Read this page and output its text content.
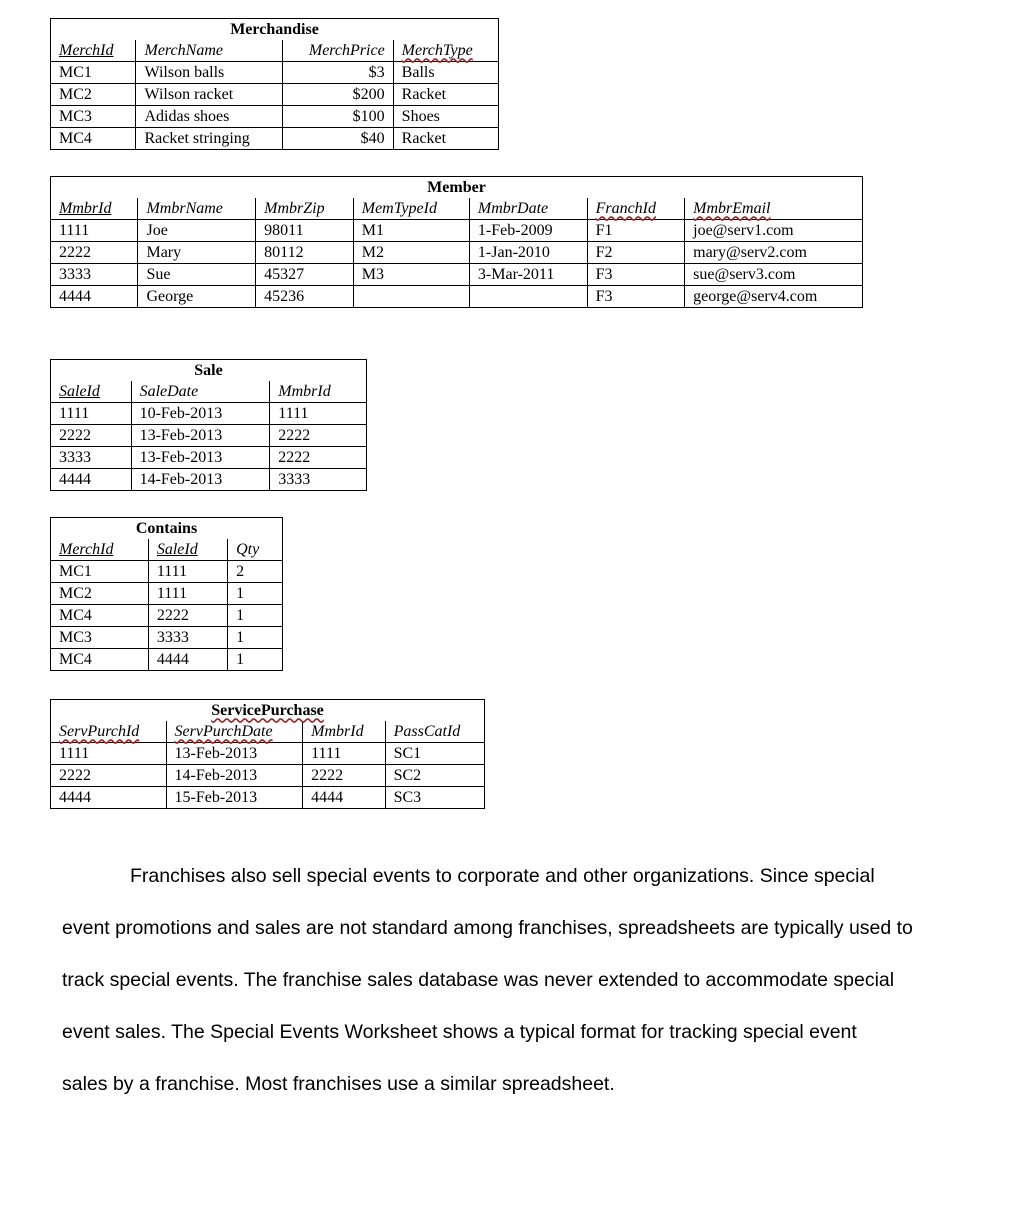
Merchandise			
MerchId	MerchName	MerchPrice	MerchType
MC1	Wilson balls	$3	Balls
MC2	Wilson racket	$200	Racket
MC3	Adidas shoes	$100	Shoes
MC4	Racket stringing	$40	Racket
Member						
MmbrId	MmbrName	MmbrZip	MemTypeId	MmbrDate	FranchId	MmbrEmail
1111	Joe	98011	M1	1-Feb-2009	F1	joe@serv1.com
2222	Mary	80112	M2	1-Jan-2010	F2	mary@serv2.com
3333	Sue	45327	M3	3-Mar-2011	F3	sue@serv3.com
4444	George	45236			F3	george@serv4.com
Sale		
SaleId	SaleDate	MmbrId
1111	10-Feb-2013	1111
2222	13-Feb-2013	2222
3333	13-Feb-2013	2222
4444	14-Feb-2013	3333
Contains		
MerchId	SaleId	Qty
MC1	1111	2
MC2	1111	1
MC4	2222	1
MC3	3333	1
MC4	4444	1
ServicePurchase			
ServPurchId	ServPurchDate	MmbrId	PassCatId
1111	13-Feb-2013	1111	SC1
2222	14-Feb-2013	2222	SC2
4444	15-Feb-2013	4444	SC3

Franchises also sell special events to corporate and other organizations. Since special

event promotions and sales are not standard among franchises, spreadsheets are typically used to

track special events. The franchise sales database was never extended to accommodate special

event sales. The Special Events Worksheet shows a typical format for tracking special event

sales by a franchise. Most franchises use a similar spreadsheet.
